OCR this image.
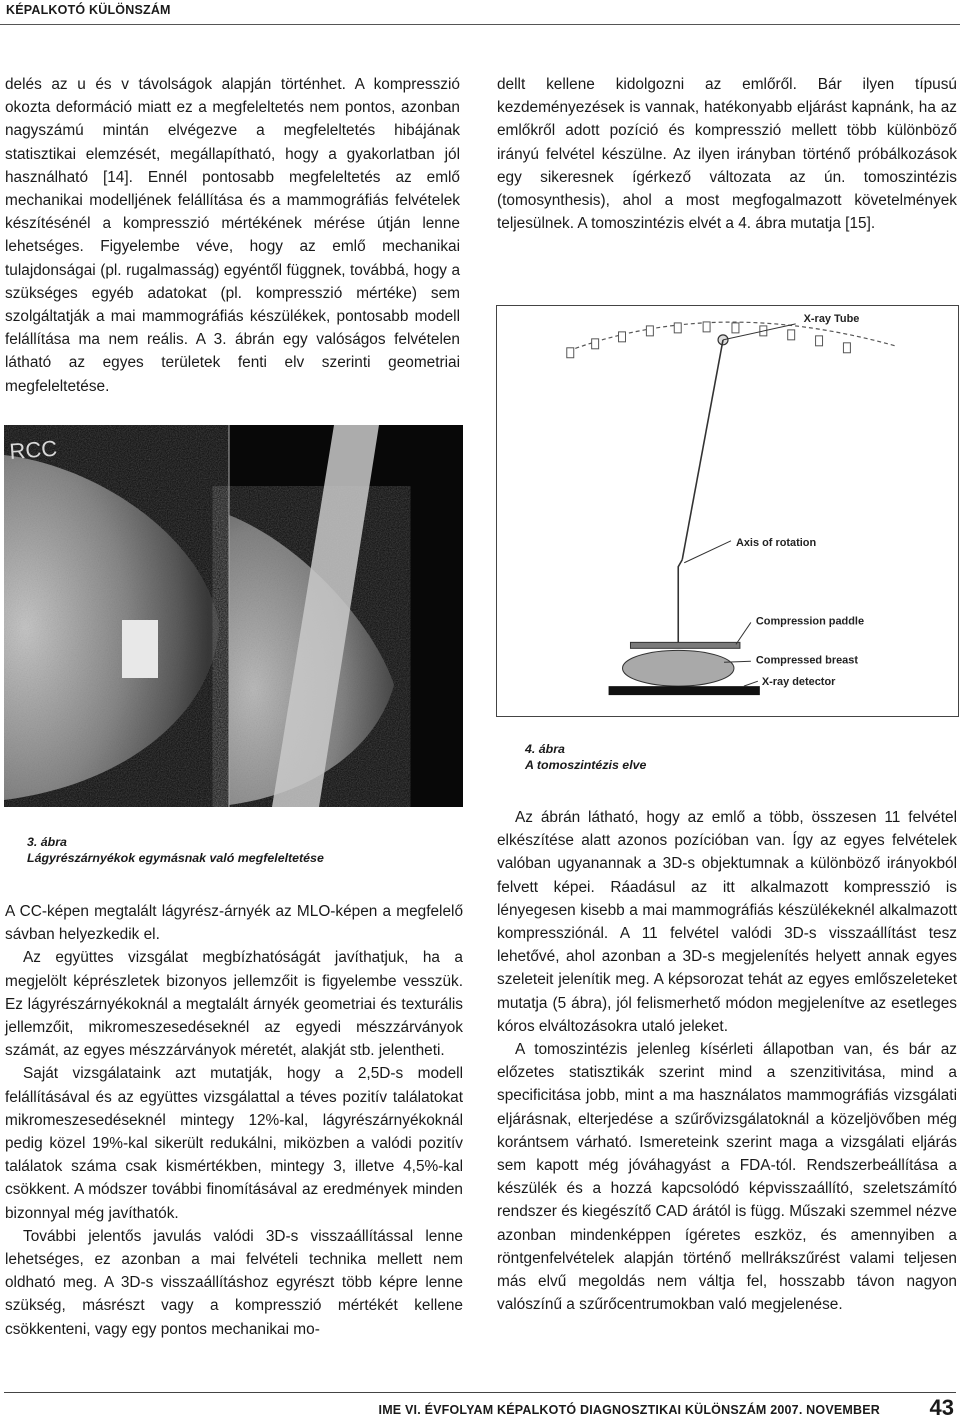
KÉPALKOTÓ KÜLÖNSZÁM

delés az u és v távolságok alapján történhet. A kompresszió okozta deformáció miatt ez a megfeleltetés nem pontos, azonban nagyszámú mintán elvégezve a megfeleltetés hibájának statisztikai elemzését, megállapítható, hogy a gyakorlatban jól használható [14]. Ennél pontosabb megfeleltetés az emlő mechanikai modelljének felállítása és a mammográfiás felvételek készítésénél a kompresszió mértékének mérése útján lenne lehetséges. Figyelembe véve, hogy az emlő mechanikai tulajdonságai (pl. rugalmasság) egyéntől függnek, továbbá, hogy a szükséges egyéb adatokat (pl. kompresszió mértéke) sem szolgáltatják a mai mammográfiás készülékek, pontosabb modell felállítása ma nem reális. A 3. ábrán egy valóságos felvételen látható az egyes területek fenti elv szerinti geometriai megfeleltetése.

dellt kellene kidolgozni az emlőről. Bár ilyen típusú kezdeményezések is vannak, hatékonyabb eljárást kapnánk, ha az emlőkről adott pozíció és kompresszió mellett több különböző irányú felvétel készülne. Az ilyen irányban történő próbálkozások egy sikeresnek ígérkező változata az ún. tomoszintézis (tomosynthesis), ahol a most megfogalmazott követelmények teljesülnek. A tomoszintézis elvét a 4. ábra mutatja [15].

RCC
3. ábra
Lágyrészárnyékok egymásnak való megfeleltetése
X-ray Tube
Axis of rotation
Compression paddle
Compressed breast
X-ray detector
4. ábra
A tomoszintézis elve

A CC-képen megtalált lágyrész-árnyék az MLO-képen a megfelelő sávban helyezkedik el.

Az együttes vizsgálat megbízhatóságát javíthatjuk, ha a megjelölt képrészletek bizonyos jellemzőit is figyelembe vesszük. Ez lágyrészárnyékoknál a megtalált árnyék geometriai és texturális jellemzőit, mikromeszesedéseknél az egyedi mészzárványok számát, az egyes mészzárványok méretét, alakját stb. jelentheti.

Saját vizsgálataink azt mutatják, hogy a 2,5D-s modell felállításával és az együttes vizsgálattal a téves pozitív találatokat mikromeszesedéseknél mintegy 12%-kal, lágyrészárnyékoknál pedig közel 19%-kal sikerült redukálni, miközben a valódi pozitív találatok száma csak kismértékben, mintegy 3, illetve 4,5%-kal csökkent. A módszer további finomításával az eredmények minden bizonnyal még javíthatók.

További jelentős javulás valódi 3D-s visszaállítással lenne lehetséges, ez azonban a mai felvételi technika mellett nem oldható meg. A 3D-s visszaállításhoz egyrészt több képre lenne szükség, másrészt vagy a kompresszió mértékét kellene csökkenteni, vagy egy pontos mechanikai mo-

Az ábrán látható, hogy az emlő a több, összesen 11 felvétel elkészítése alatt azonos pozícióban van. Így az egyes felvételek valóban ugyanannak a 3D-s objektumnak a különböző irányokból felvett képei. Ráadásul az itt alkalmazott kompresszió is lényegesen kisebb a mai mammográfiás készülékeknél alkalmazott kompressziónál. A 11 felvétel valódi 3D-s visszaállítást tesz lehetővé, ahol azonban a 3D-s megjelenítés helyett annak egyes szeleteit jelenítik meg. A képsorozat tehát az egyes emlőszeleteket mutatja (5 ábra), jól felismerhető módon megjelenítve az esetleges kóros elváltozásokra utaló jeleket.

A tomoszintézis jelenleg kísérleti állapotban van, és bár az előzetes statisztikák szerint mind a szenzitivitása, mind a specificitása jobb, mint a ma használatos mammográfiás vizsgálati eljárásnak, elterjedése a szűrővizsgálatoknál a közeljövőben még korántsem várható. Ismereteink szerint maga a vizsgálati eljárás sem kapott még jóváhagyást a FDA-tól. Rendszerbeállítása a készülék és a hozzá kapcsolódó képvisszaállító, szeletszámító rendszer és kiegészítő CAD árától is függ. Műszaki szemmel nézve azonban mindenképpen ígéretes eszköz, és amennyiben a röntgenfelvételek alapján történő mellrákszűrést valami teljesen más elvű megoldás nem váltja fel, hosszabb távon nagyon valószínű a szűrőcentrumokban való megjelenése.

IME VI. ÉVFOLYAM KÉPALKOTÓ DIAGNOSZTIKAI KÜLÖNSZÁM 2007. NOVEMBER 43
